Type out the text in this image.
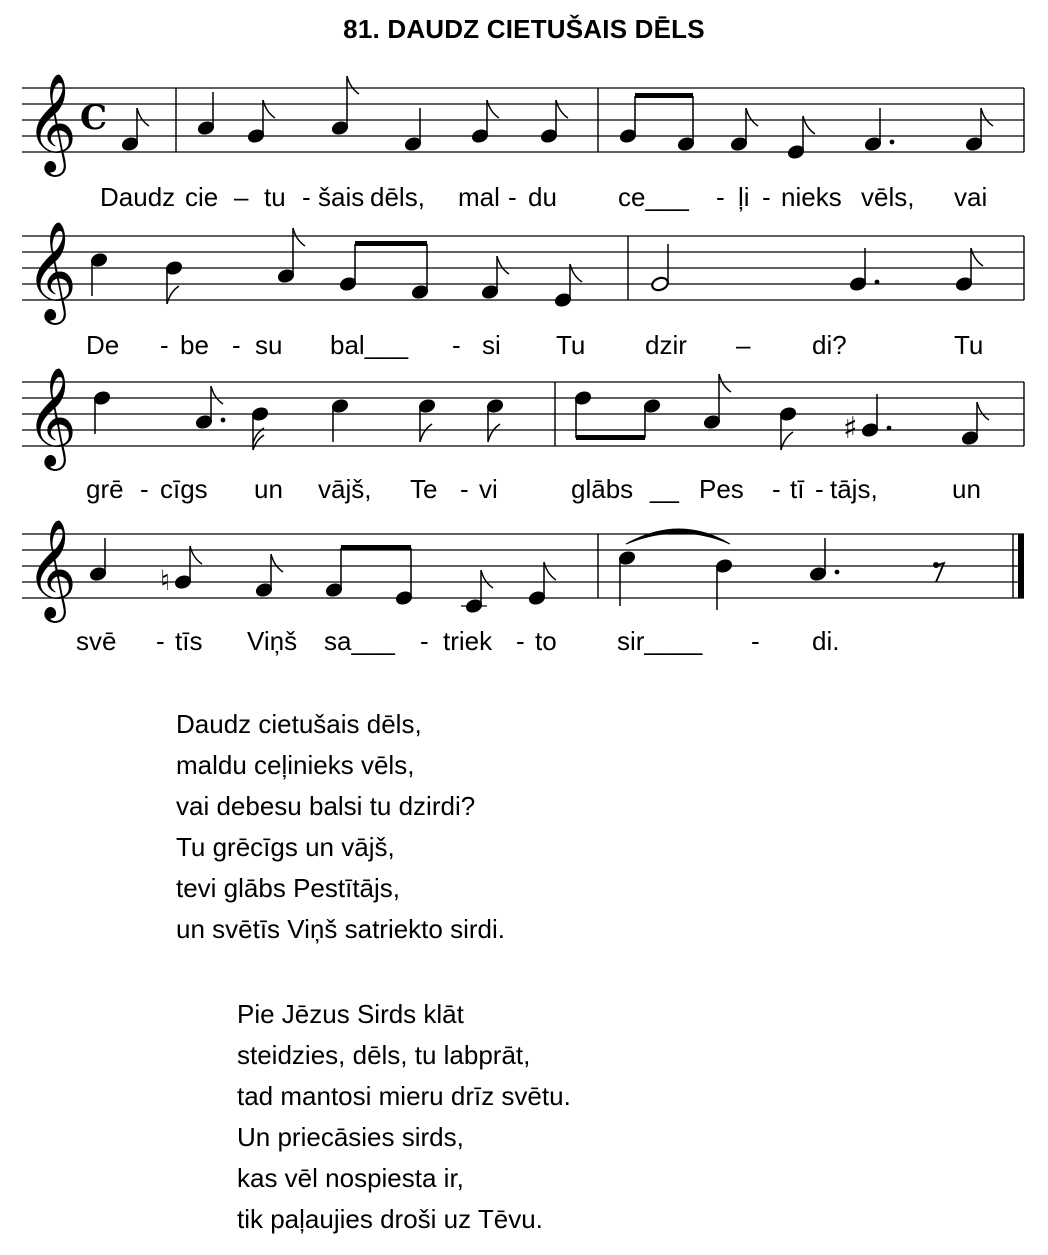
81. DAUDZ CIETUŠAIS DĒLS
𝄞 C
Daudz cie – tu - šais dēls, mal - du ce___ - ļi - nieks vēls, vai
𝄞
De - be - su bal___ - si Tu dzir – di?	Tu
𝄞	♯
grē - cīgs un vājš, Te - vi	glābs __ Pes - tī - tājs,	un
𝄞	♮
svē - tīs Viņš sa___ - triek - to sir____ - di.
Daudz cietušais dēls,
maldu ceļinieks vēls,
vai debesu balsi tu dzirdi?
Tu grēcīgs un vājš,
tevi glābs Pestītājs,
un svētīs Viņš satriekto sirdi.
Pie Jēzus Sirds klāt
steidzies, dēls, tu labprāt,
tad mantosi mieru drīz svētu.
Un priecāsies sirds,
kas vēl nospiesta ir,
tik paļaujies droši uz Tēvu.
